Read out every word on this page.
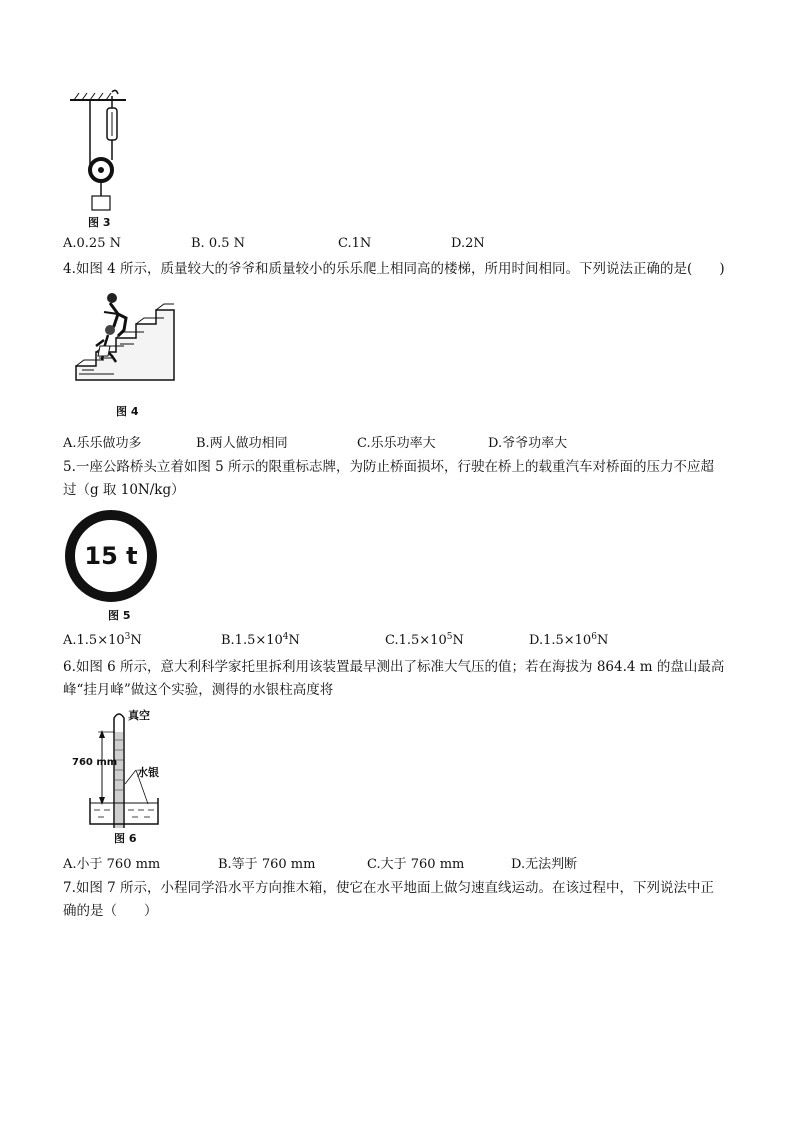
图 3
A.0.25 N	B. 0.5 N	C.1N	D.2N
4.如图 4 所示，质量较大的爷爷和质量较小的乐乐爬上相同高的楼梯，所用时间相同。下列说法正确的是(　　)
图 4
A.乐乐做功多	B.两人做功相同	C.乐乐功率大	D.爷爷功率大
5.一座公路桥头立着如图 5 所示的限重标志牌，为防止桥面损坏，行驶在桥上的载重汽车对桥面的压力不应超
过（g 取 10N/kg）
15 t
图 5
$A.1.5\times 10^3N$	$B.1.5\times 10^4N$	$C.1.5\times 10^5N$	$D.1.5\times 10^6N$
6.如图 6 所示，意大利科学家托里拆利用该装置最早测出了标准大气压的值；若在海拔为 864.4 m 的盘山最高
峰“挂月峰”做这个实验，测得的水银柱高度将
真空
760 mm
水银
图 6
A.小于 760 mm	B.等于 760 mm	C.大于 760 mm	D.无法判断
7.如图 7 所示，小程同学沿水平方向推木箱，使它在水平地面上做匀速直线运动。在该过程中，下列说法中正
确的是（　　）
